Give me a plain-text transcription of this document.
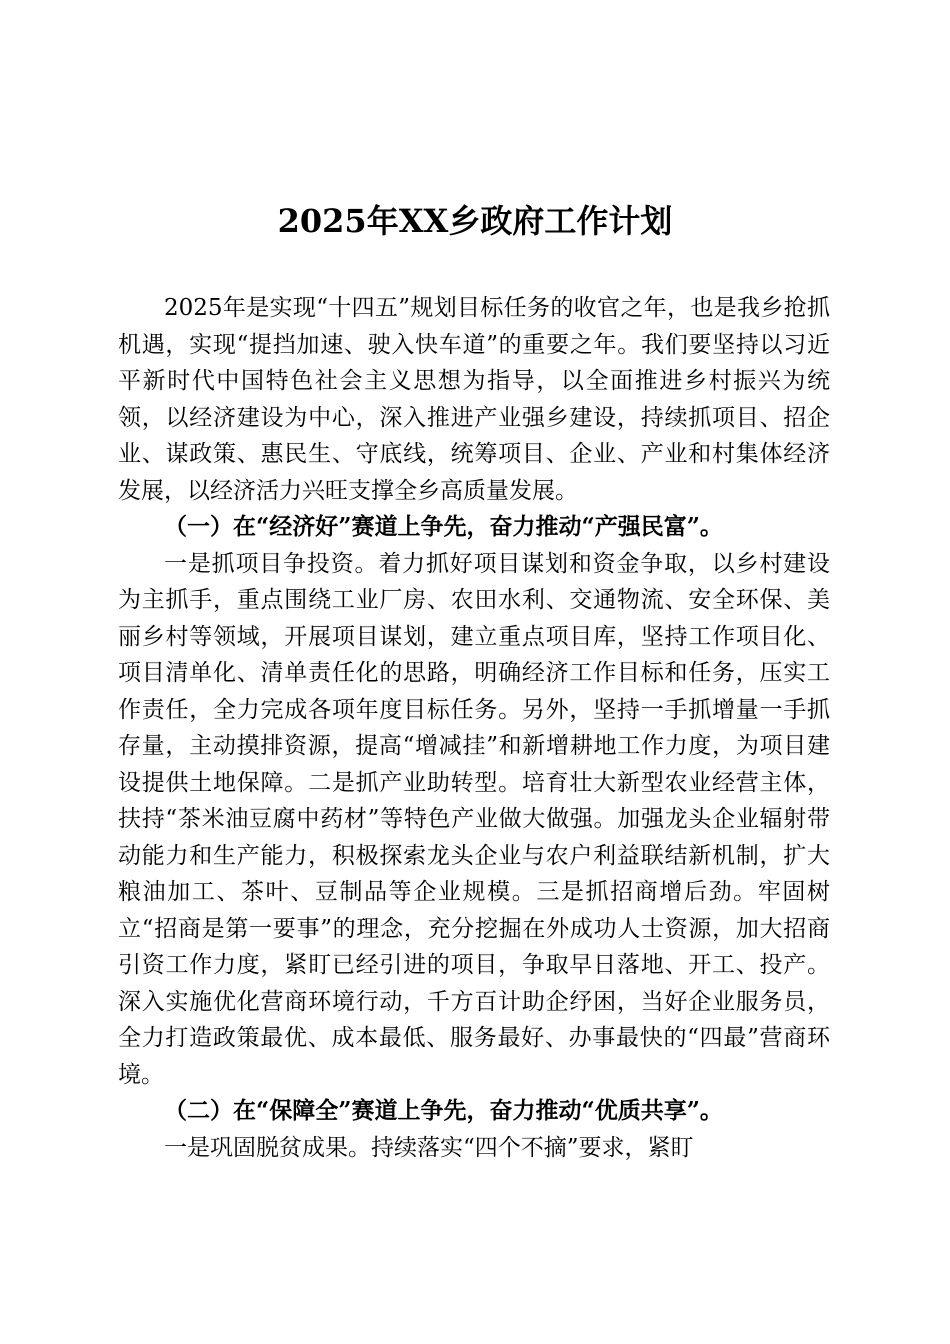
2025年XX乡政府工作计划

2025年是实现“十四五”规划目标任务的收官之年，也是我乡抢抓机遇，实现“提挡加速、驶入快车道”的重要之年。我们要坚持以习近平新时代中国特色社会主义思想为指导，以全面推进乡村振兴为统领，以经济建设为中心，深入推进产业强乡建设，持续抓项目、招企业、谋政策、惠民生、守底线，统筹项目、企业、产业和村集体经济发展，以经济活力兴旺支撑全乡高质量发展。

（一）在“经济好”赛道上争先，奋力推动“产强民富”。

一是抓项目争投资。着力抓好项目谋划和资金争取，以乡村建设为主抓手，重点围绕工业厂房、农田水利、交通物流、安全环保、美丽乡村等领域，开展项目谋划，建立重点项目库，坚持工作项目化、项目清单化、清单责任化的思路，明确经济工作目标和任务，压实工作责任，全力完成各项年度目标任务。另外，坚持一手抓增量一手抓存量，主动摸排资源，提高“增减挂”和新增耕地工作力度，为项目建设提供土地保障。二是抓产业助转型。培育壮大新型农业经营主体，扶持“茶米油豆腐中药材”等特色产业做大做强。加强龙头企业辐射带动能力和生产能力，积极探索龙头企业与农户利益联结新机制，扩大粮油加工、茶叶、豆制品等企业规模。三是抓招商增后劲。牢固树立“招商是第一要事”的理念，充分挖掘在外成功人士资源，加大招商引资工作力度，紧盯已经引进的项目，争取早日落地、开工、投产。深入实施优化营商环境行动，千方百计助企纾困，当好企业服务员，全力打造政策最优、成本最低、服务最好、办事最快的“四最”营商环境。

（二）在“保障全”赛道上争先，奋力推动“优质共享”。

一是巩固脱贫成果。持续落实“四个不摘”要求，紧盯
